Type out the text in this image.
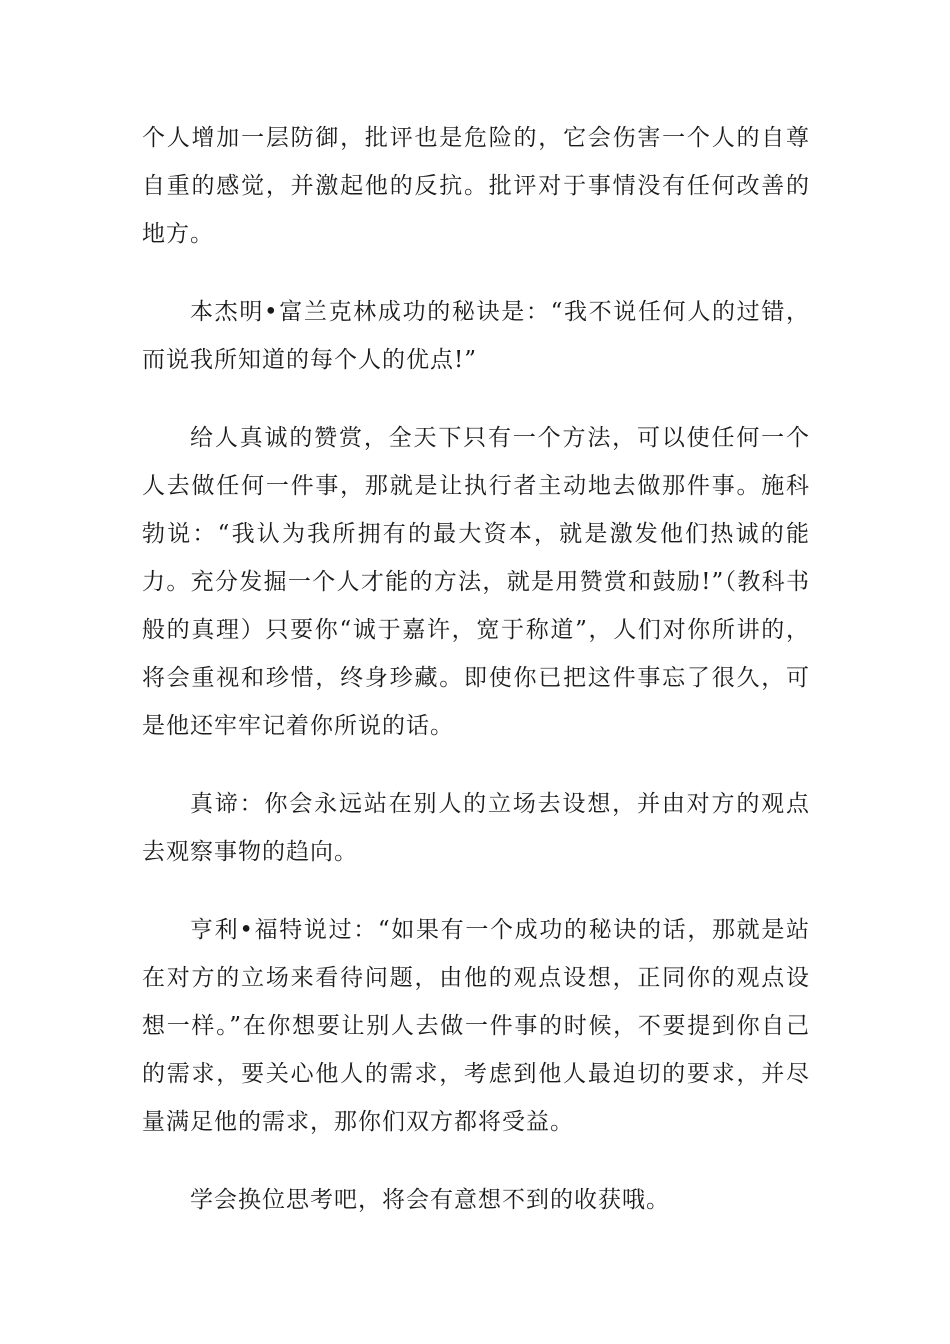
个人增加一层防御，批评也是危险的，它会伤害一个人的自尊自重的感觉，并激起他的反抗。批评对于事情没有任何改善的地方。

本杰明•富兰克林成功的秘诀是：“我不说任何人的过错，而说我所知道的每个人的优点!”

给人真诚的赞赏，全天下只有一个方法，可以使任何一个人去做任何一件事，那就是让执行者主动地去做那件事。施科勃说：“我认为我所拥有的最大资本，就是激发他们热诚的能力。充分发掘一个人才能的方法，就是用赞赏和鼓励!”（教科书般的真理）只要你“诚于嘉许，宽于称道”，人们对你所讲的，将会重视和珍惜，终身珍藏。即使你已把这件事忘了很久，可是他还牢牢记着你所说的话。

真谛：你会永远站在别人的立场去设想，并由对方的观点去观察事物的趋向。

亨利•福特说过：“如果有一个成功的秘诀的话，那就是站在对方的立场来看待问题，由他的观点设想，正同你的观点设想一样。”在你想要让别人去做一件事的时候，不要提到你自己的需求，要关心他人的需求，考虑到他人最迫切的要求，并尽量满足他的需求，那你们双方都将受益。

学会换位思考吧，将会有意想不到的收获哦。
